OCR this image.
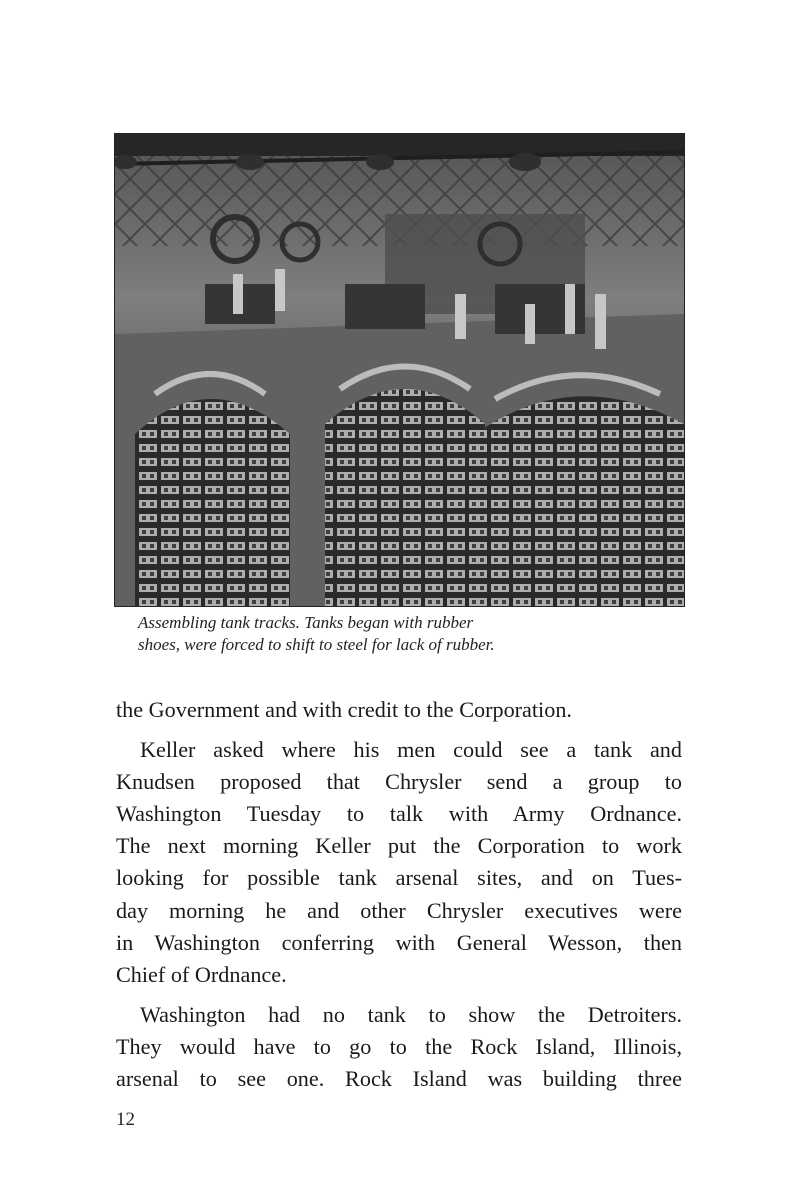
Assembling tank tracks. Tanks began with rubber
shoes, were forced to shift to steel for lack of rubber.
the Government and with credit to the Corporation.
Keller asked where his men could see a tank and
Knudsen proposed that Chrysler send a group to
Washington Tuesday to talk with Army Ordnance.
The next morning Keller put the Corporation to work
looking for possible tank arsenal sites, and on Tues-
day morning he and other Chrysler executives were
in Washington conferring with General Wesson, then
Chief of Ordnance.
Washington had no tank to show the Detroiters.
They would have to go to the Rock Island, Illinois,
arsenal to see one. Rock Island was building three
12
